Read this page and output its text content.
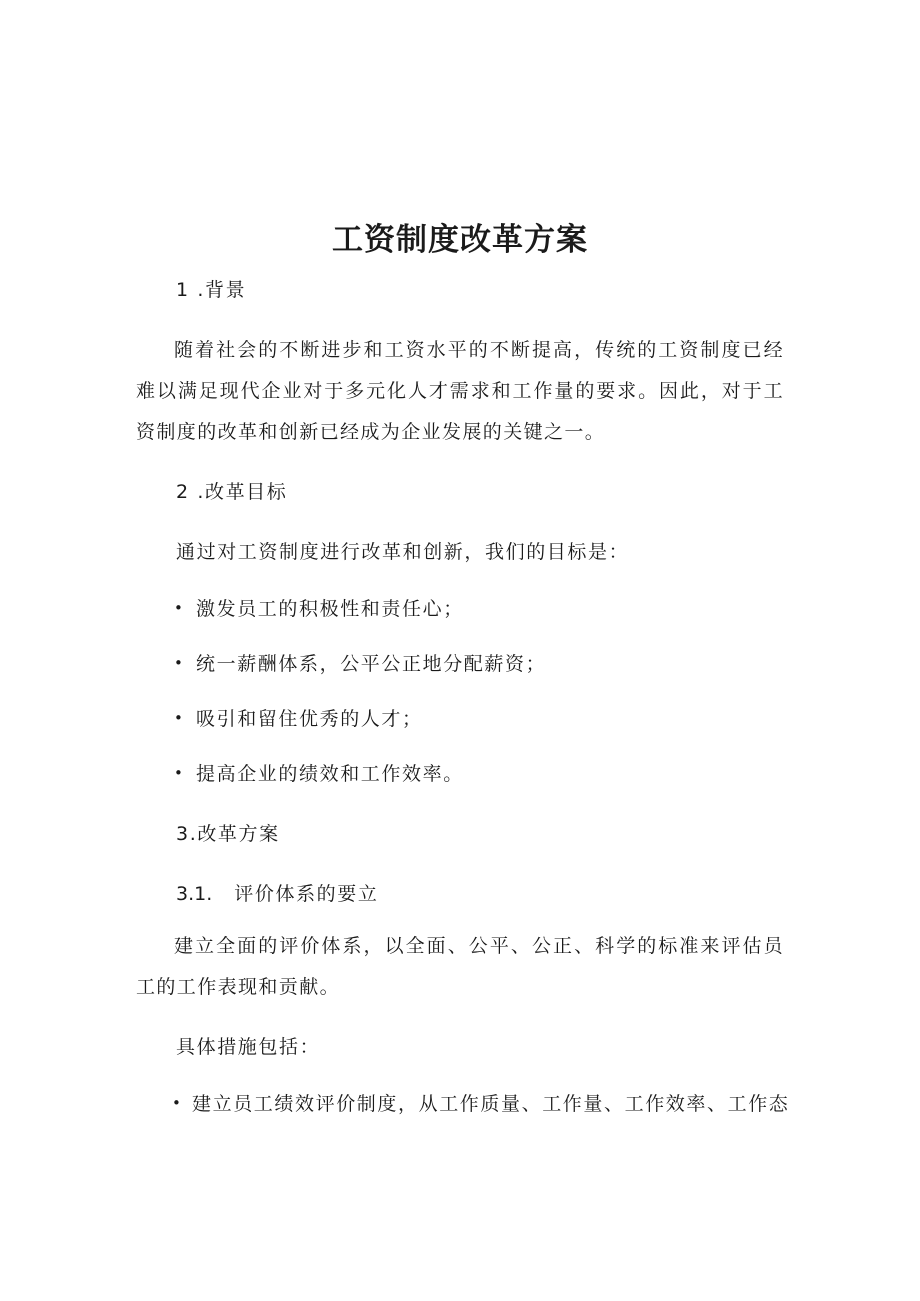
工资制度改革方案

1 .背景

随着社会的不断进步和工资水平的不断提高，传统的工资制度已经难以满足现代企业对于多元化人才需求和工作量的要求。因此，对于工资制度的改革和创新已经成为企业发展的关键之一。

2 .改革目标

通过对工资制度进行改革和创新，我们的目标是：

• 激发员工的积极性和责任心；

• 统一薪酬体系，公平公正地分配薪资；

• 吸引和留住优秀的人才；

• 提高企业的绩效和工作效率。

3.改革方案

3.1. 评价体系的要立

建立全面的评价体系，以全面、公平、公正、科学的标准来评估员工的工作表现和贡献。

具体措施包括：

• 建立员工绩效评价制度，从工作质量、工作量、工作效率、工作态
